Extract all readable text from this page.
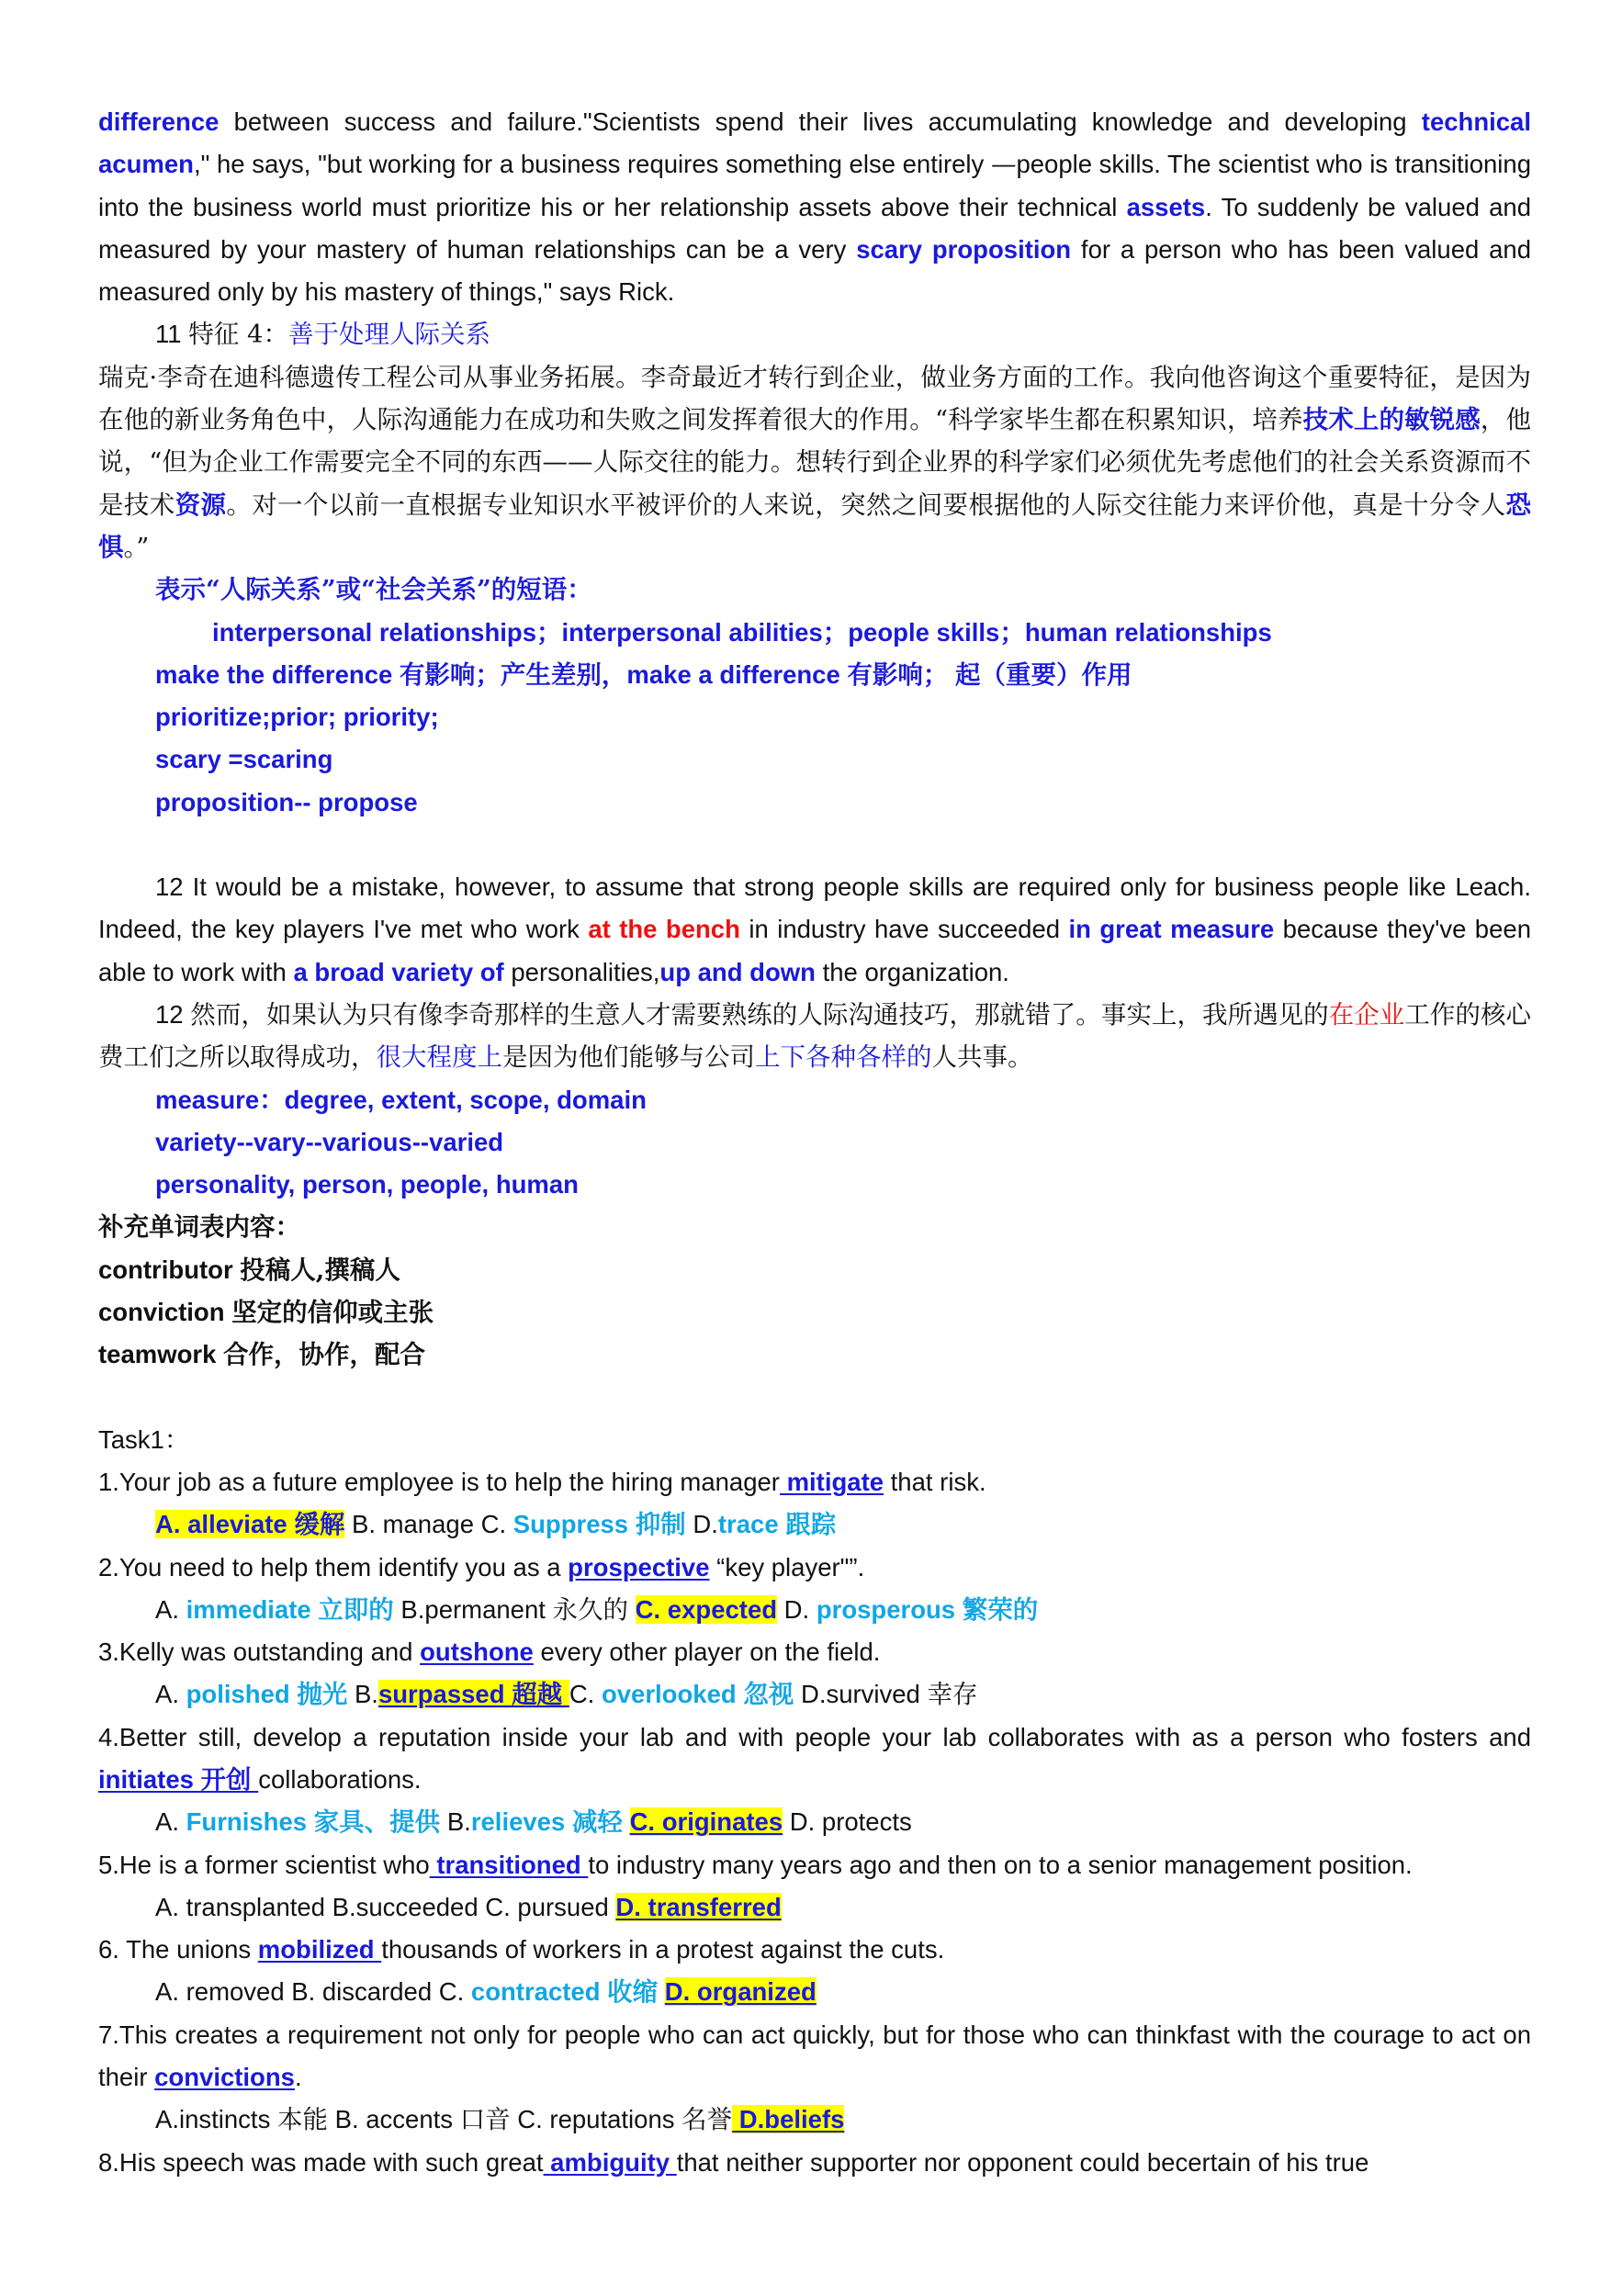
difference between success and failure."Scientists spend their lives accumulating knowledge and developing technical acumen," he says, "but working for a business requires something else entirely —people skills. The scientist who is transitioning into the business world must prioritize his or her relationship assets above their technical assets. To suddenly be valued and measured by your mastery of human relationships can be a very scary proposition for a person who has been valued and measured only by his mastery of things," says Rick.
11 特征 4：善于处理人际关系
瑞克·李奇在迪科德遗传工程公司从事业务拓展。李奇最近才转行到企业，做业务方面的工作。我向他咨询这个重要特征，是因为在他的新业务角色中，人际沟通能力在成功和失败之间发挥着很大的作用。“科学家毕生都在积累知识，培养技术上的敏锐感，他说，“但为企业工作需要完全不同的东西——人际交往的能力。想转行到企业界的科学家们必须优先考虑他们的社会关系资源而不是技术资源。对一个以前一直根据专业知识水平被评价的人来说，突然之间要根据他的人际交往能力来评价他，真是十分令人恐惧。”
表示“人际关系”或“社会关系”的短语：
interpersonal relationships；interpersonal abilities；people skills；human relationships
make the difference 有影响；产生差别，make a difference 有影响； 起（重要）作用
prioritize;prior; priority;
scary =scaring
proposition-- propose
12 It would be a mistake, however, to assume that strong people skills are required only for business people like Leach. Indeed, the key players I've met who work at the bench in industry have succeeded in great measure because they've been able to work with a broad variety of personalities,up and down the organization.
12 然而，如果认为只有像李奇那样的生意人才需要熟练的人际沟通技巧，那就错了。事实上，我所遇见的在企业工作的核心费工们之所以取得成功，很大程度上是因为他们能够与公司上下各种各样的人共事。
measure：degree, extent, scope, domain
variety--vary--various--varied
personality, person, people, human
补充单词表内容：
contributor 投稿人,撰稿人
conviction 坚定的信仰或主张
teamwork 合作，协作，配合
Task1：
1.Your job as a future employee is to help the hiring manager mitigate that risk.
A. alleviate 缓解 B. manage C. Suppress 抑制 D.trace 跟踪
2.You need to help them identify you as a prospective “key player"”.
A. immediate 立即的 B.permanent 永久的 C. expected D. prosperous 繁荣的
3.Kelly was outstanding and outshone every other player on the field.
A. polished 抛光 B.surpassed 超越 C. overlooked 忽视 D.survived 幸存
4.Better still, develop a reputation inside your lab and with people your lab collaborates with as a person who fosters and initiates 开创 collaborations.
A. Furnishes 家具、提供 B.relieves 减轻 C. originates D. protects
5.He is a former scientist who transitioned to industry many years ago and then on to a senior management position.
A. transplanted B.succeeded C. pursued D. transferred
6. The unions mobilized thousands of workers in a protest against the cuts.
A. removed B. discarded C. contracted 收缩 D. organized
7.This creates a requirement not only for people who can act quickly, but for those who can thinkfast with the courage to act on their convictions.
A.instincts 本能 B. accents 口音 C. reputations 名誉 D.beliefs
8.His speech was made with such great ambiguity that neither supporter nor opponent could becertain of his true
